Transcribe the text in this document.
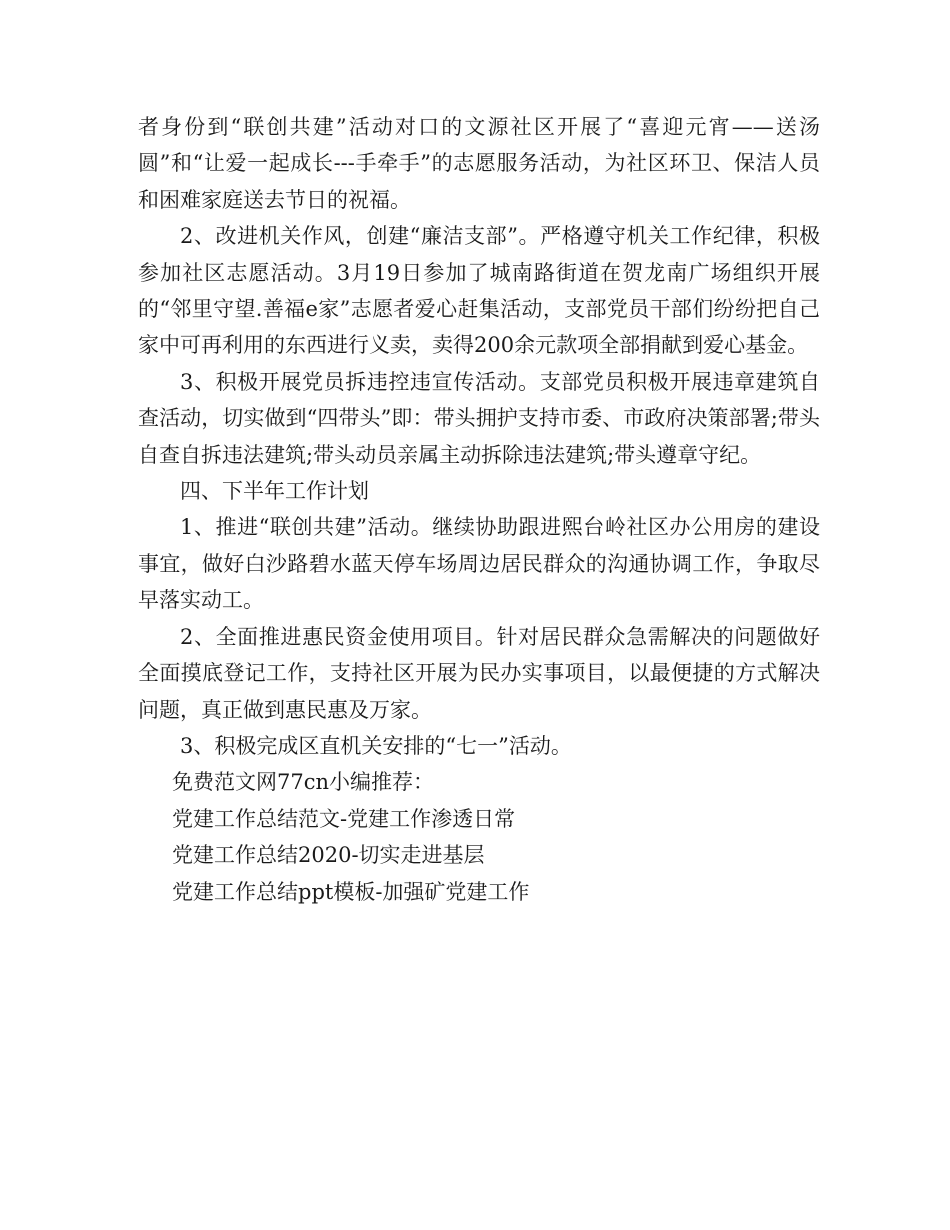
者身份到“联创共建”活动对口的文源社区开展了“喜迎元宵——送汤圆”和“让爱一起成长---手牵手”的志愿服务活动，为社区环卫、保洁人员和困难家庭送去节日的祝福。

2、改进机关作风，创建“廉洁支部”。严格遵守机关工作纪律，积极参加社区志愿活动。3月19日参加了城南路街道在贺龙南广场组织开展的“邻里守望.善福e家”志愿者爱心赶集活动，支部党员干部们纷纷把自己家中可再利用的东西进行义卖，卖得200余元款项全部捐献到爱心基金。

3、积极开展党员拆违控违宣传活动。支部党员积极开展违章建筑自查活动，切实做到“四带头”即：带头拥护支持市委、市政府决策部署;带头自查自拆违法建筑;带头动员亲属主动拆除违法建筑;带头遵章守纪。

四、下半年工作计划

1、推进“联创共建”活动。继续协助跟进熙台岭社区办公用房的建设事宜，做好白沙路碧水蓝天停车场周边居民群众的沟通协调工作，争取尽早落实动工。

2、全面推进惠民资金使用项目。针对居民群众急需解决的问题做好全面摸底登记工作，支持社区开展为民办实事项目，以最便捷的方式解决问题，真正做到惠民惠及万家。

3、积极完成区直机关安排的“七一”活动。

免费范文网77cn小编推荐：

党建工作总结范文-党建工作渗透日常
党建工作总结2020-切实走进基层
党建工作总结ppt模板-加强矿党建工作
